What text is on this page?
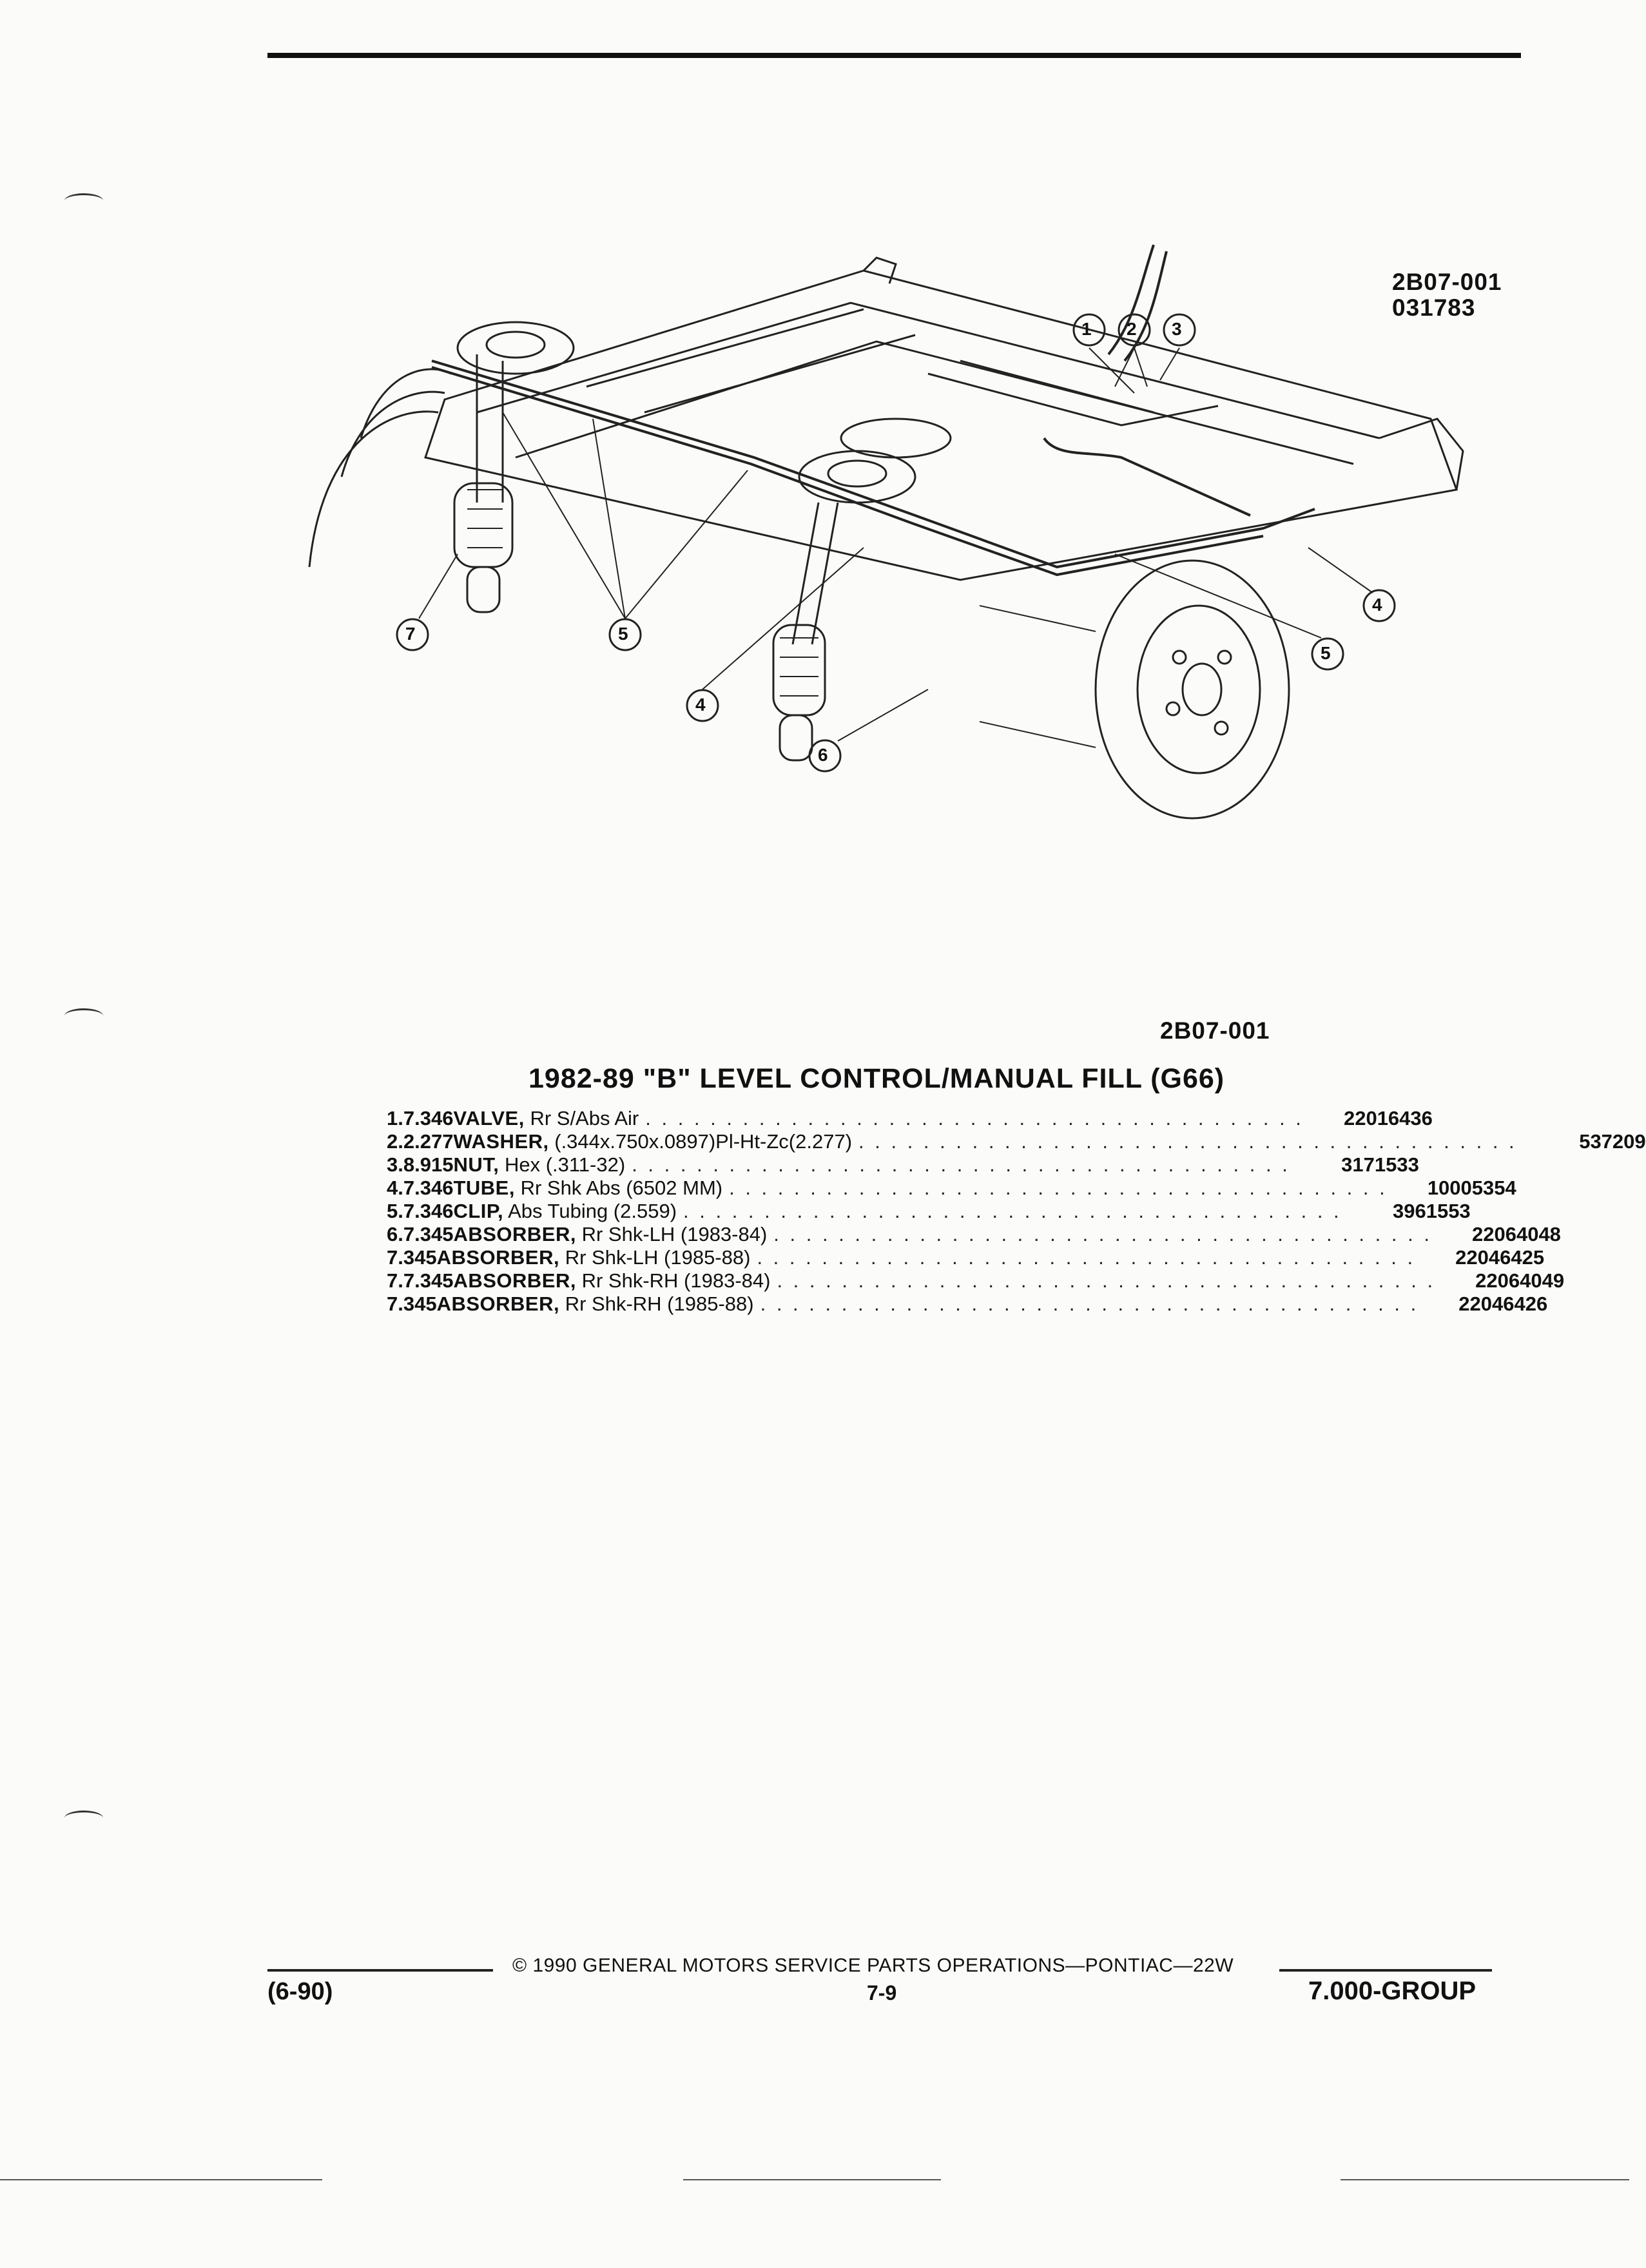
1 2 3
4
4
5
5
6
7
2B07-001
031783
2B07-001
1982-89 "B" LEVEL CONTROL/MANUAL FILL (G66)
1. 7.346 VALVE, Rr S/Abs Air . . . . . . . . . . . . . . . . . . . . . . . . . . . . . . . . . . . . . . . . .	22016436
2. 2.277 WASHER, (.344x.750x.0897)Pl-Ht-Zc(2.277) . . . . . . . . . . . . . . . . . . . . . . . . . . . . . . . . . . . . . . . . .	537209
3. 8.915 NUT, Hex (.311-32) . . . . . . . . . . . . . . . . . . . . . . . . . . . . . . . . . . . . . . . . .	3171533
4. 7.346 TUBE, Rr Shk Abs (6502 MM) . . . . . . . . . . . . . . . . . . . . . . . . . . . . . . . . . . . . . . . . .	10005354
5. 7.346 CLIP, Abs Tubing (2.559) . . . . . . . . . . . . . . . . . . . . . . . . . . . . . . . . . . . . . . . . .	3961553
6. 7.345 ABSORBER, Rr Shk-LH (1983-84) . . . . . . . . . . . . . . . . . . . . . . . . . . . . . . . . . . . . . . . . .	22064048
7.345 ABSORBER, Rr Shk-LH (1985-88) . . . . . . . . . . . . . . . . . . . . . . . . . . . . . . . . . . . . . . . . .	22046425
7. 7.345 ABSORBER, Rr Shk-RH (1983-84) . . . . . . . . . . . . . . . . . . . . . . . . . . . . . . . . . . . . . . . . .	22064049
7.345 ABSORBER, Rr Shk-RH (1985-88) . . . . . . . . . . . . . . . . . . . . . . . . . . . . . . . . . . . . . . . . .	22046426
© 1990 GENERAL MOTORS SERVICE PARTS OPERATIONS—PONTIAC—22W
(6-90)	7-9	7.000-GROUP
